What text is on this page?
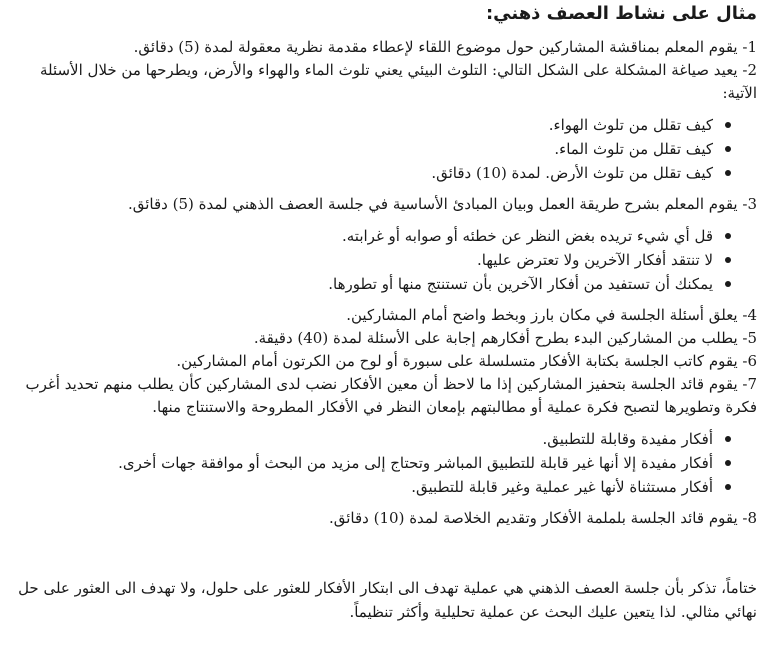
مثال على نشاط العصف ذهني:

1- يقوم المعلم بمناقشة المشاركين حول موضوع اللقاء لإعطاء مقدمة نظرية معقولة لمدة (5) دقائق.

2- يعيد صياغة المشكلة على الشكل التالي: التلوث البيئي يعني تلوث الماء والهواء والأرض، ويطرحها من خلال الأسئلة الآتية:

كيف تقلل من تلوث الهواء.
كيف تقلل من تلوث الماء.
كيف تقلل من تلوث الأرض. لمدة (10) دقائق.

3- يقوم المعلم بشرح طريقة العمل وبيان المبادئ الأساسية في جلسة العصف الذهني لمدة (5) دقائق.

قل أي شيء تريده بغض النظر عن خطئه أو صوابه أو غرابته.
لا تنتقد أفكار الآخرين ولا تعترض عليها.
يمكنك أن تستفيد من أفكار الآخرين بأن تستنتج منها أو تطورها.

4- يعلق أسئلة الجلسة في مكان بارز وبخط واضح أمام المشاركين.

5- يطلب من المشاركين البدء بطرح أفكارهم إجابة على الأسئلة لمدة (40) دقيقة.

6- يقوم كاتب الجلسة بكتابة الأفكار متسلسلة على سبورة أو لوح من الكرتون أمام المشاركين.

7- يقوم قائد الجلسة بتحفيز المشاركين إذا ما لاحظ أن معين الأفكار نضب لدى المشاركين كأن يطلب منهم تحديد أغرب فكرة وتطويرها لتصبح فكرة عملية أو مطالبتهم بإمعان النظر في الأفكار المطروحة والاستنتاج منها.

أفكار مفيدة وقابلة للتطبيق.
أفكار مفيدة إلا أنها غير قابلة للتطبيق المباشر وتحتاج إلى مزيد من البحث أو موافقة جهات أخرى.
أفكار مستثناة لأنها غير عملية وغير قابلة للتطبيق.

8- يقوم قائد الجلسة بلملمة الأفكار وتقديم الخلاصة لمدة (10) دقائق.

ختاماً، تذكر بأن جلسة العصف الذهني هي عملية تهدف الى ابتكار الأفكار للعثور على حلول، ولا تهدف الى العثور على حل نهائي مثالي. لذا يتعين عليك البحث عن عملية تحليلية وأكثر تنظيماً.
